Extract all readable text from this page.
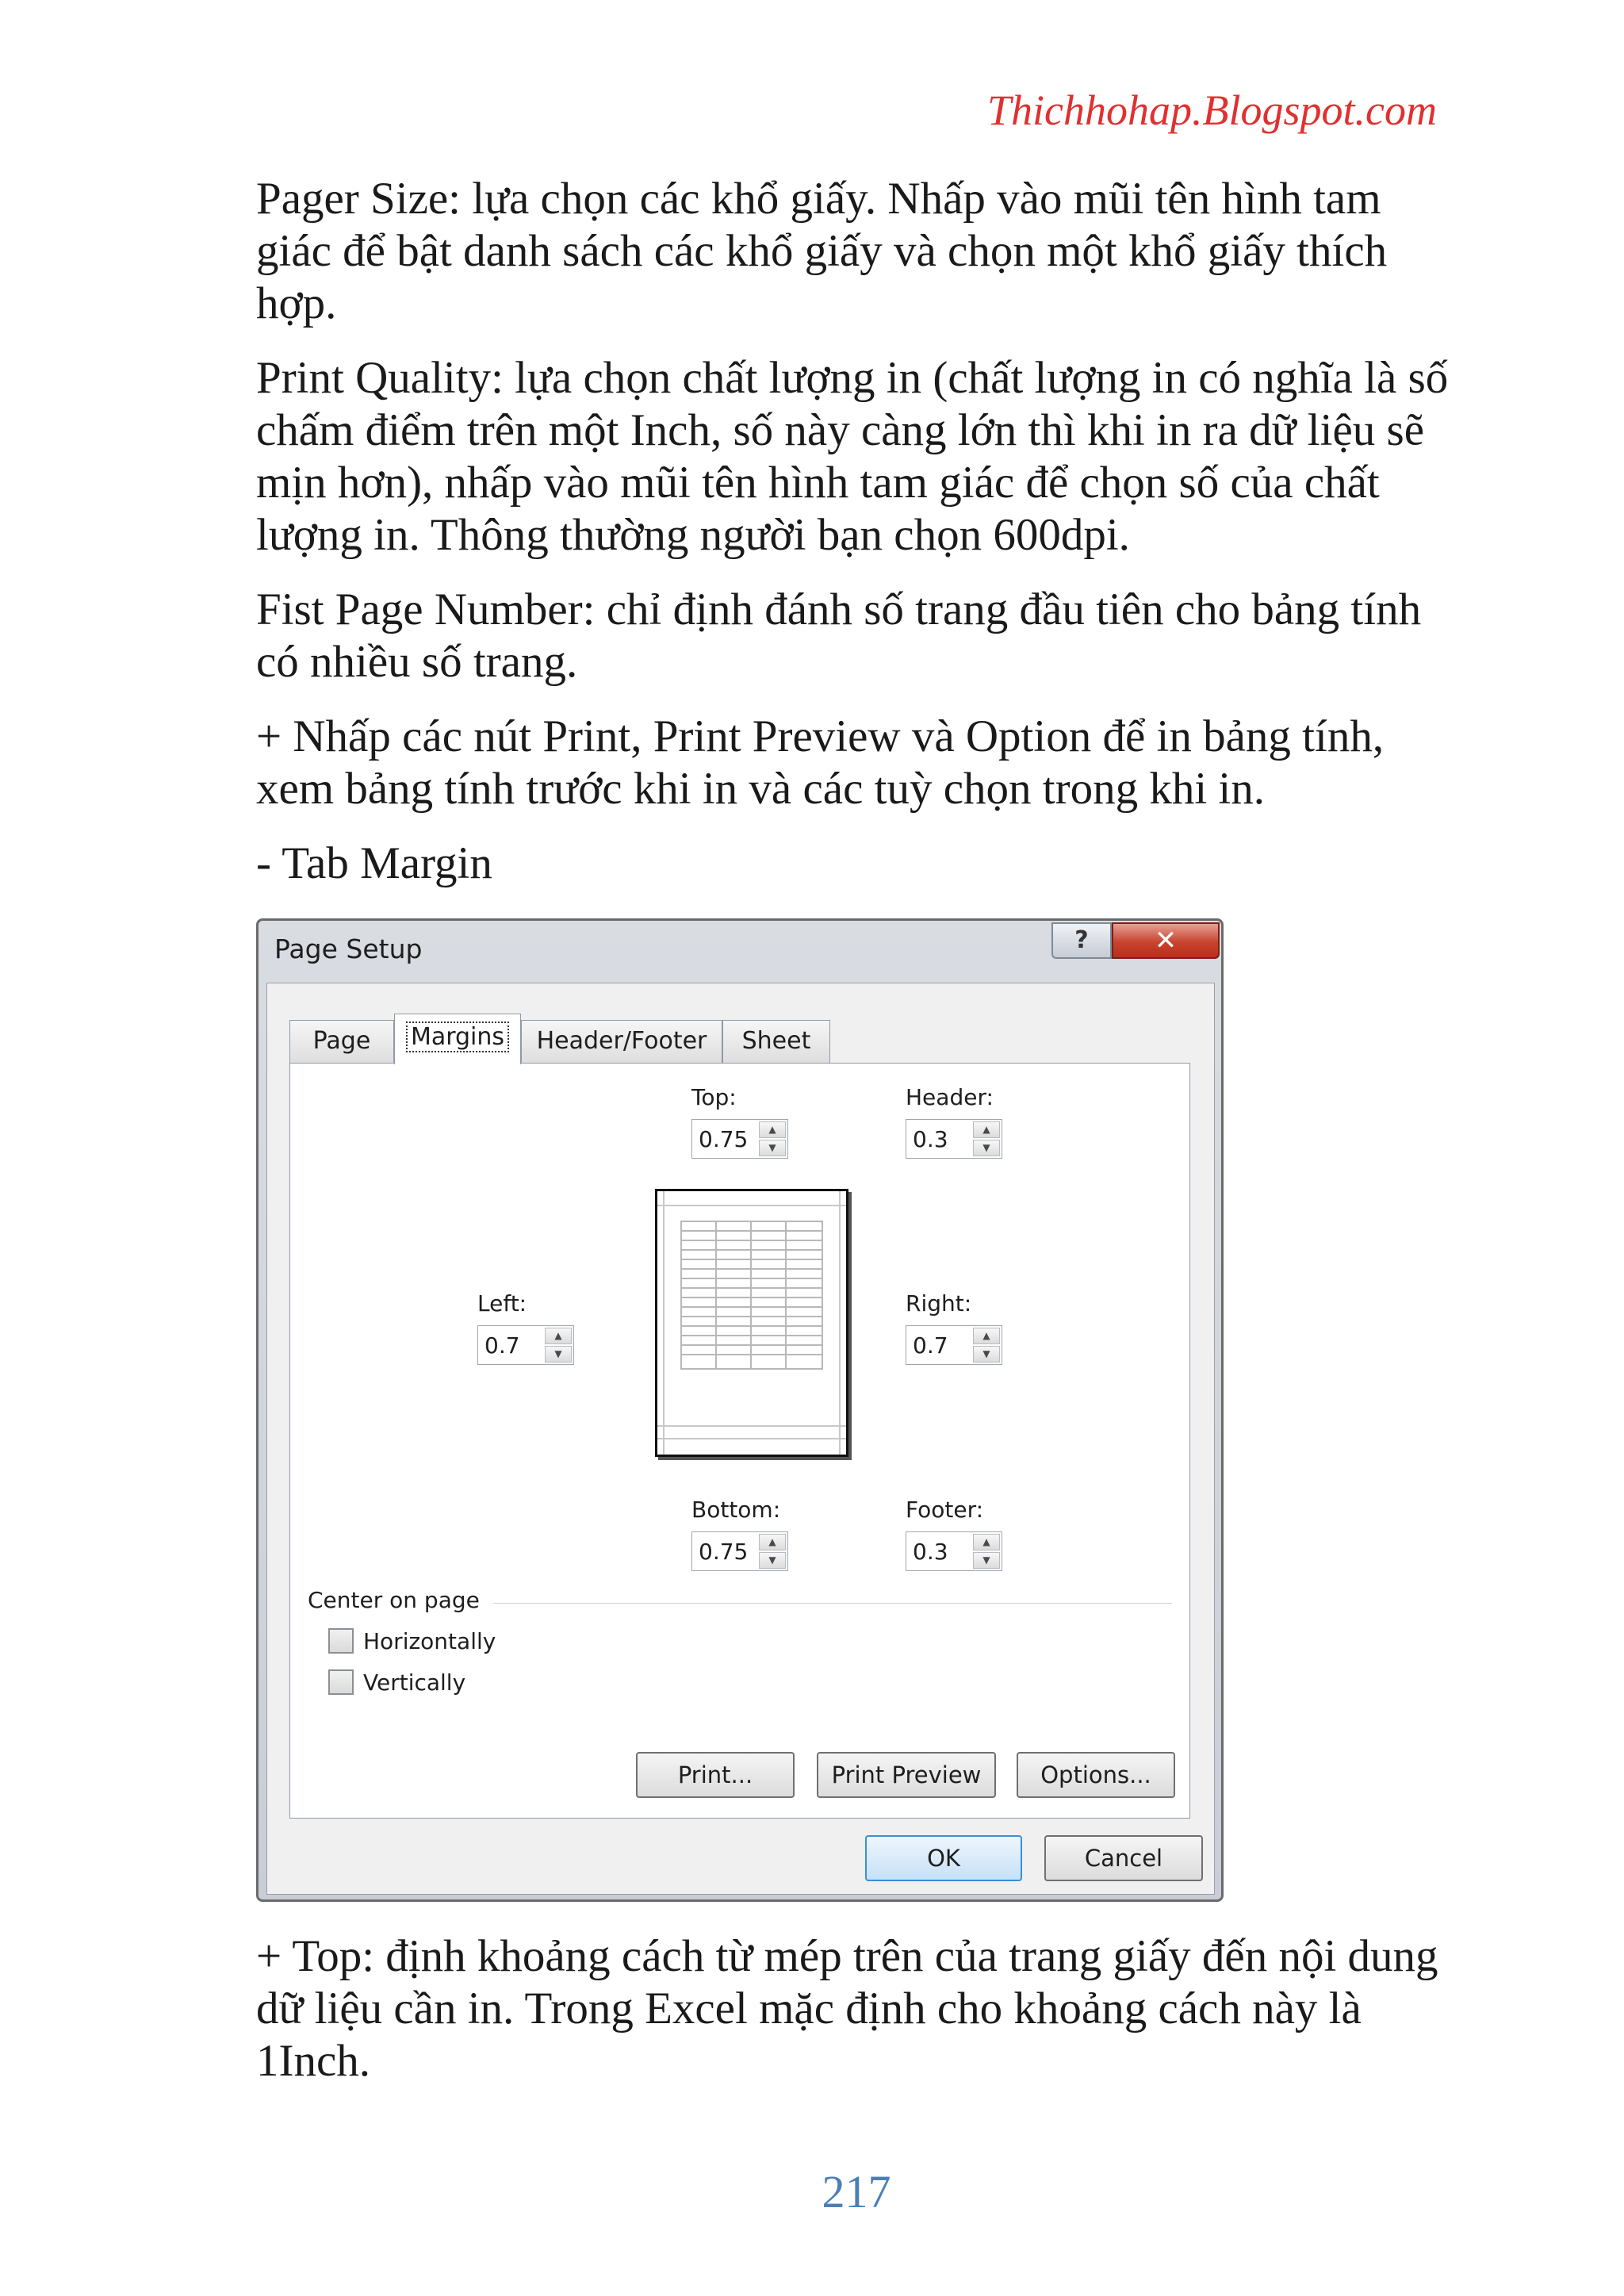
Thichhohap.Blogspot.com

Pager Size: lựa chọn các khổ giấy. Nhấp vào mũi tên hình tam giác để bật danh sách các khổ giấy và chọn một khổ giấy thích hợp.

Print Quality: lựa chọn chất lượng in (chất lượng in có nghĩa là số chấm điểm trên một Inch, số này càng lớn thì khi in ra dữ liệu sẽ mịn hơn), nhấp vào mũi tên hình tam giác để chọn số của chất lượng in. Thông thường người bạn chọn 600dpi.

Fist Page Number: chỉ định đánh số trang đầu tiên cho bảng tính có nhiều số trang.

+ Nhấp các nút Print, Print Preview và Option để in bảng tính, xem bảng tính trước khi in và các tuỳ chọn trong khi in.

- Tab Margin

Page Setup	?	✕
Page	Margins	Header/Footer	Sheet
Top:
0.75	▲
▼
Header:
0.3	▲
▼
Left:
0.7	▲
▼
Right:
0.7	▲
▼
Bottom:
0.75	▲
▼
Footer:
0.3	▲
▼
Center on page
Horizontally
Vertically
Print...	Print Preview	Options...
OK	Cancel

+ Top: định khoảng cách từ mép trên của trang giấy đến nội dung dữ liệu cần in. Trong Excel mặc định cho khoảng cách này là 1Inch.

217
